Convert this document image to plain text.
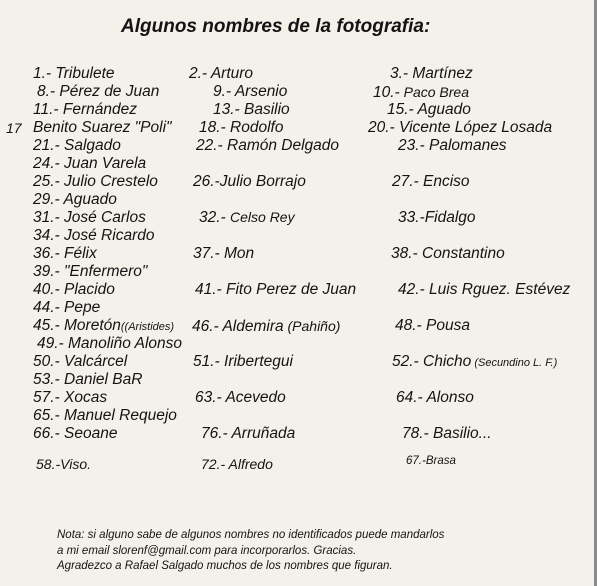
Algunos nombres de la fotografia:
1.- Tribulete	2.- Arturo	3.- Martínez
8.- Pérez de Juan	9.- Arsenio	10.- Paco Brea
11.- Fernández	13.- Basilio	15.- Aguado
17 Benito Suarez "Poli" 18.- Rodolfo	20.- Vicente López Losada
21.- Salgado	22.- Ramón Delgado	23.- Palomanes
24.- Juan Varela
25.- Julio Crestelo 26.-Julio Borrajo	27.- Enciso
29.- Aguado
31.- José Carlos	32.- Celso Rey	33.-Fidalgo
34.- José Ricardo
36.- Félix	37.- Mon	38.- Constantino
39.- "Enfermero"
40.- Placido	41.- Fito Perez de Juan	42.- Luis Rguez. Estévez
44.- Pepe
45.- Moretón((Aristides) 46.- Aldemira (Pahiño)	48.- Pousa
49.- Manoliño Alonso
50.- Valcárcel	51.- Iribertegui	52.- Chicho (Secundino L. F.)
53.- Daniel BaR
57.- Xocas	63.- Acevedo	64.- Alonso
65.- Manuel Requejo
66.- Seoane	76.- Arruñada	78.- Basilio...
58.-Viso.	72.- Alfredo	67.-Brasa
Nota: si alguno sabe de algunos nombres no identificados puede mandarlos
a mi email slorenf@gmail.com para incorporarlos. Gracias.
Agradezco a Rafael Salgado muchos de los nombres que figuran.
